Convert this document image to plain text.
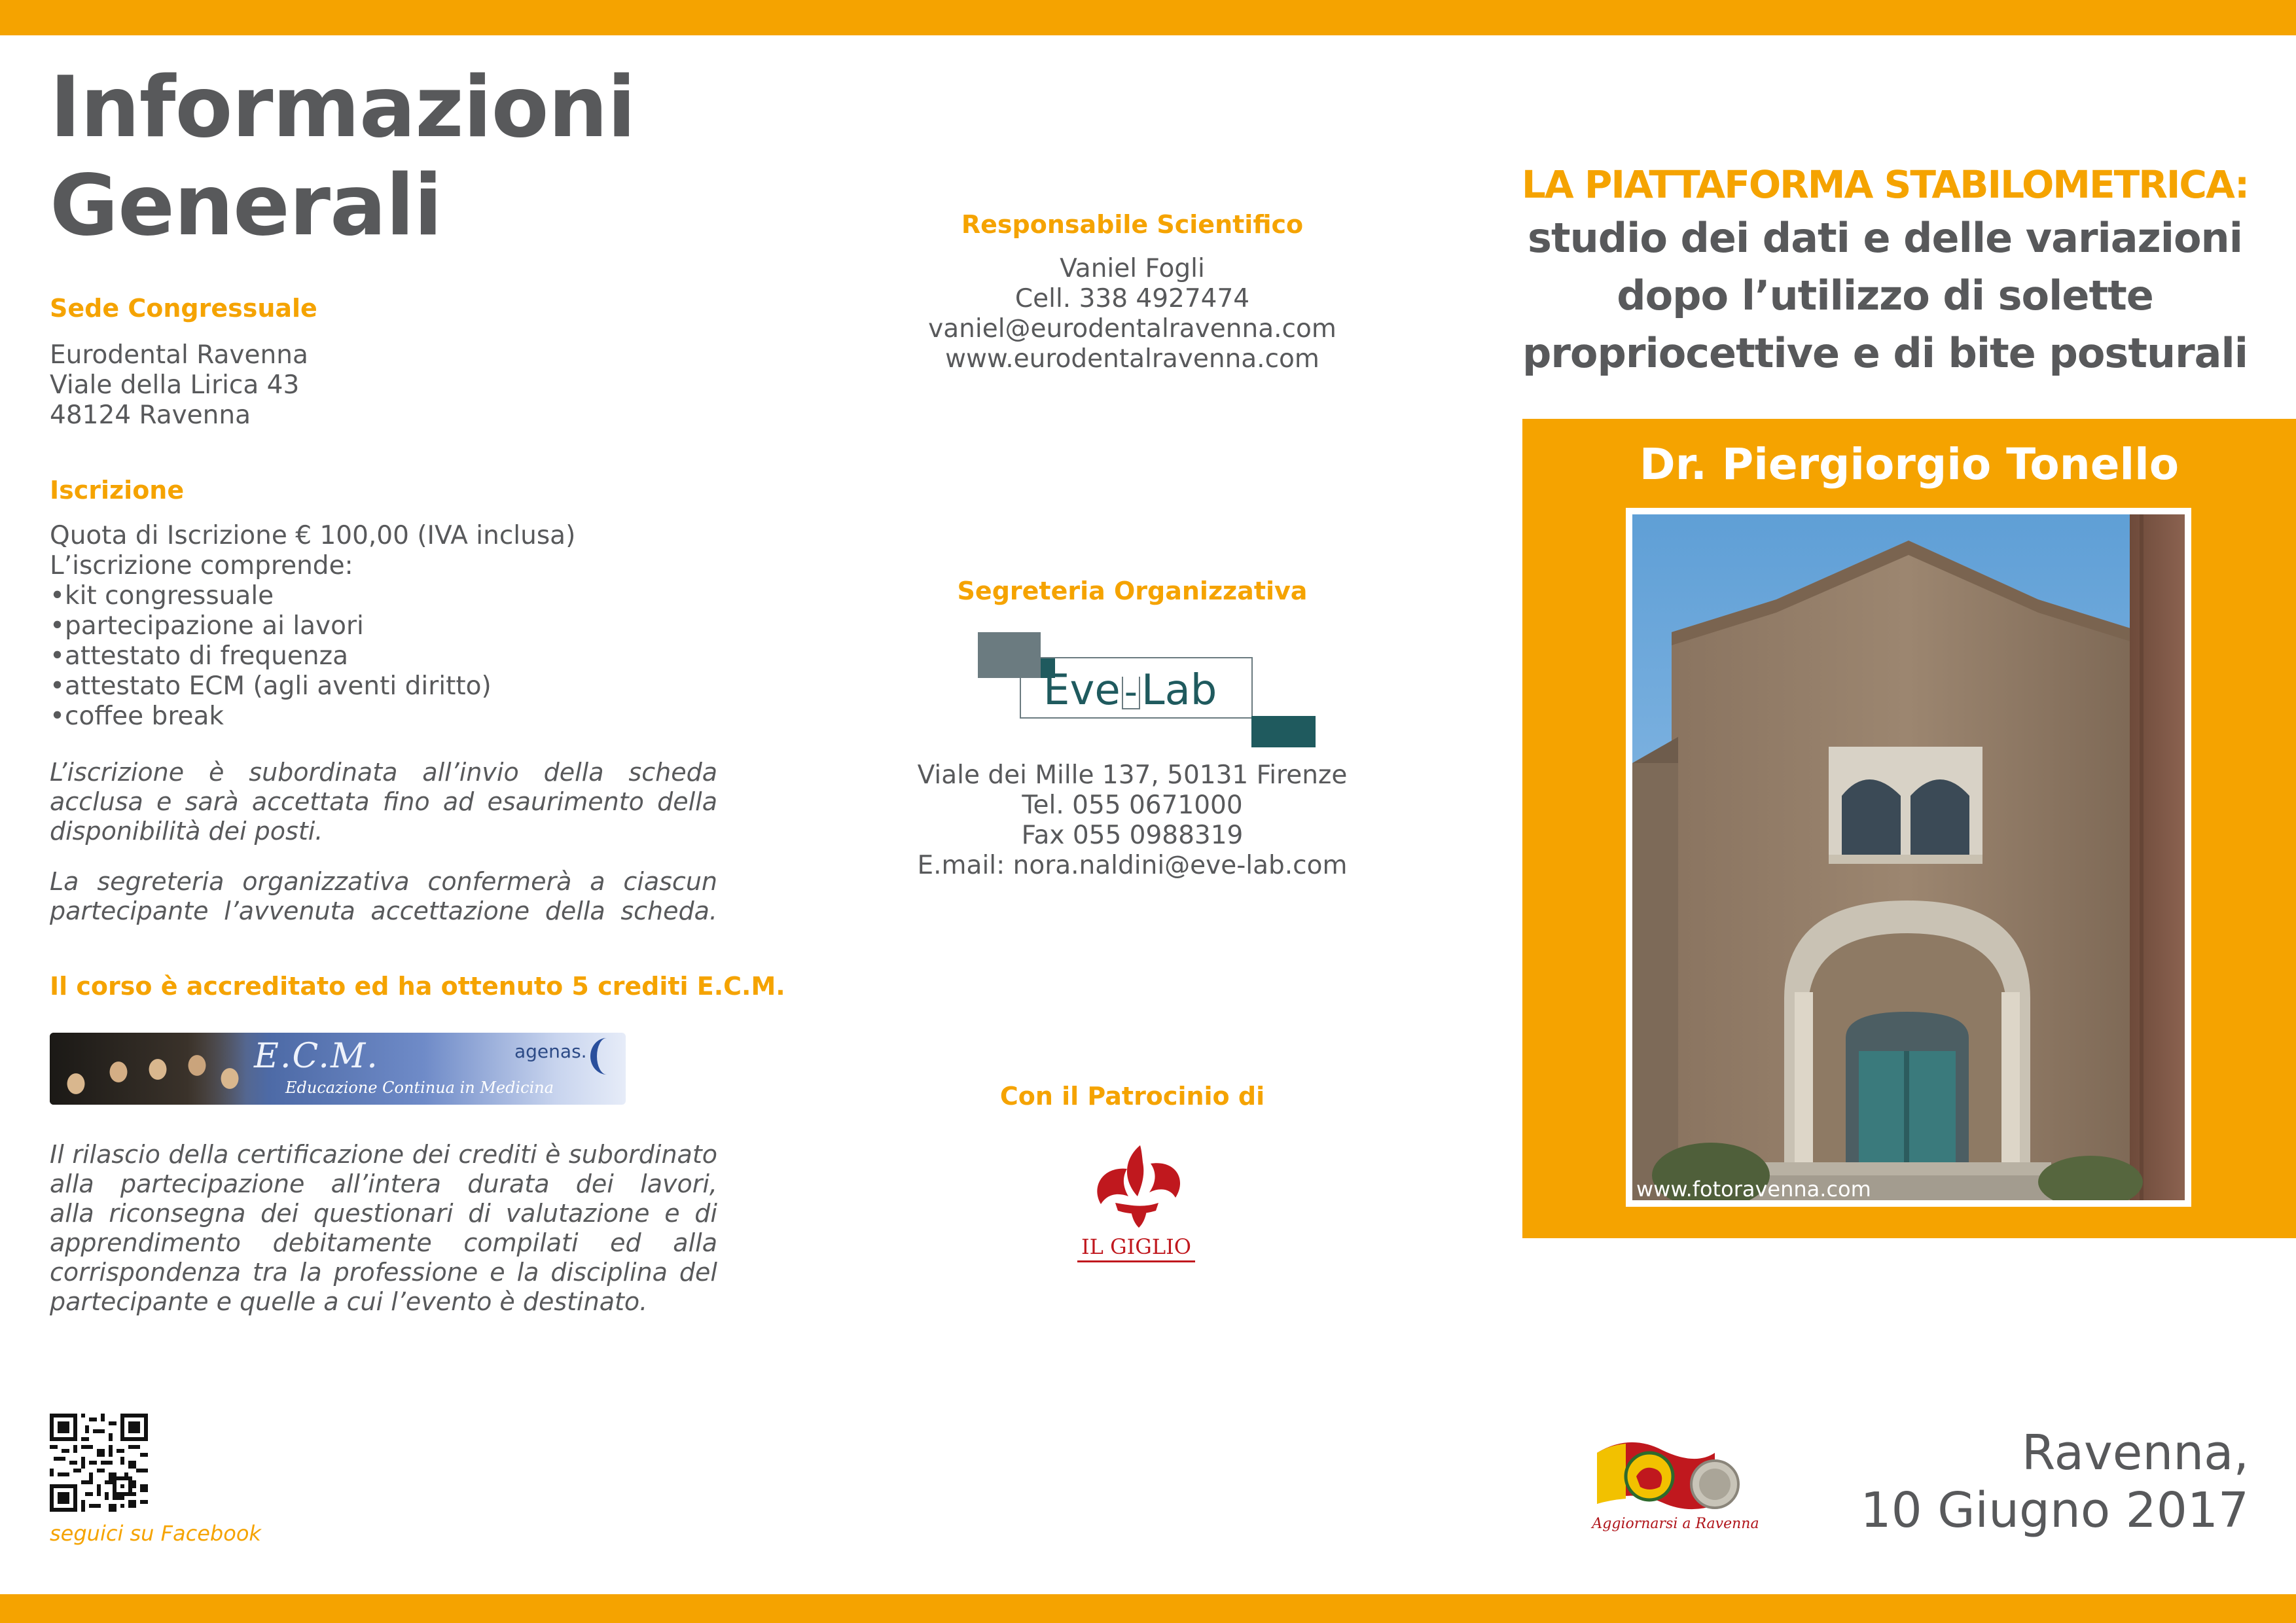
Informazioni
Generali
Sede Congressuale
Eurodental Ravenna
Viale della Lirica 43
48124 Ravenna
Iscrizione
Quota di Iscrizione € 100,00 (IVA inclusa)
L’iscrizione comprende:
•kit congressuale
•partecipazione ai lavori
•attestato di frequenza
•attestato ECM (agli aventi diritto)
•coffee break
L’iscrizione è subordinata all’invio della scheda
acclusa e sarà accettata fino ad esaurimento della
disponibilità dei posti.
La segreteria organizzativa confermerà a ciascun
partecipante l’avvenuta accettazione della scheda.
Il corso è accreditato ed ha ottenuto 5 crediti E.C.M.
E.C.M.
Educazione Continua in Medicina
agenas.
Il rilascio della certificazione dei crediti è subordinato
alla partecipazione all’intera durata dei lavori,
alla riconsegna dei questionari di valutazione e di
apprendimento debitamente compilati ed alla
corrispondenza tra la professione e la disciplina del
partecipante e quelle a cui l’evento è destinato.
seguici su Facebook
Responsabile Scientifico
Vaniel Fogli
Cell. 338 4927474
vaniel@eurodentalravenna.com
www.eurodentalravenna.com
Segreteria Organizzativa
Eve -Lab
Viale dei Mille 137, 50131 Firenze
Tel. 055 0671000
Fax 055 0988319
E.mail: nora.naldini@eve-lab.com
Con il Patrocinio di
IL GIGLIO
LA PIATTAFORMA STABILOMETRICA:
studio dei dati e delle variazioni
dopo l’utilizzo di solette
propriocettive e di bite posturali
Dr. Piergiorgio Tonello
www.fotoravenna.com
Aggiornarsi a Ravenna
Ravenna,
10 Giugno 2017
